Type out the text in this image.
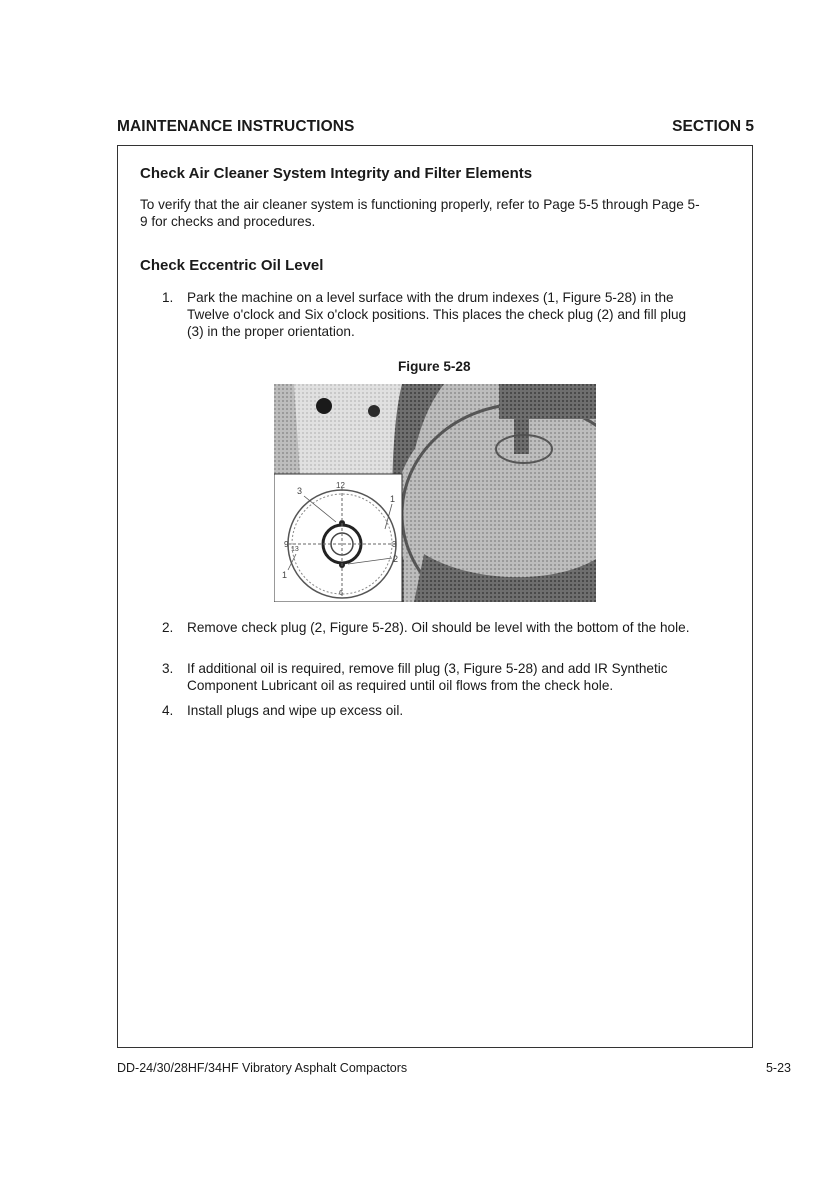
MAINTENANCE INSTRUCTIONS	SECTION 5
Check Air Cleaner System Integrity and Filter Elements
To verify that the air cleaner system is functioning properly, refer to Page 5-5 through Page 5-9 for checks and procedures.
Check Eccentric Oil Level
1. Park the machine on a level surface with the drum indexes (1, Figure 5-28) in the Twelve o'clock and Six o'clock positions. This places the check plug (2) and fill plug (3) in the proper orientation.
Figure 5-28
12
3
1
9	3
13
2
1
6
2. Remove check plug (2, Figure 5-28). Oil should be level with the bottom of the hole.
3. If additional oil is required, remove fill plug (3, Figure 5-28) and add IR Synthetic Component Lubricant oil as required until oil flows from the check hole.
4. Install plugs and wipe up excess oil.
DD-24/30/28HF/34HF Vibratory Asphalt Compactors	5-23
